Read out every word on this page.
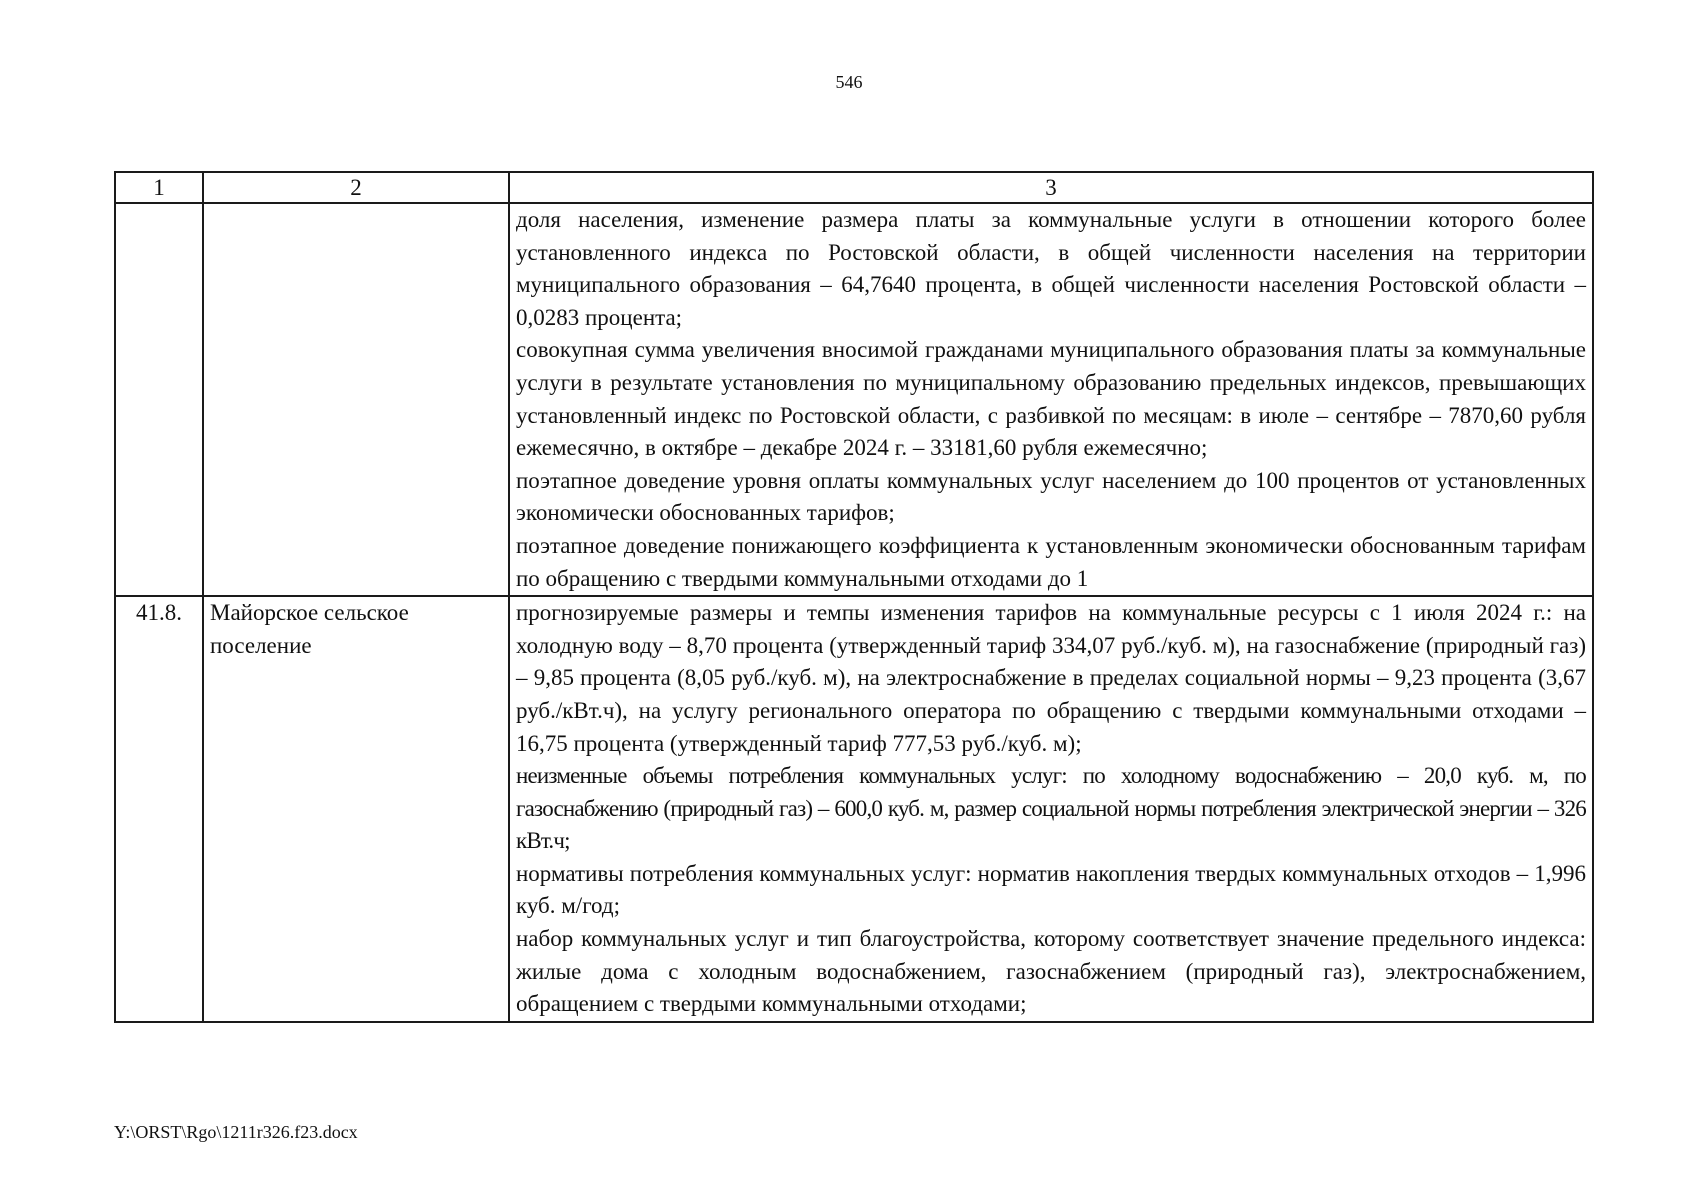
546
1	2	3

		доля населения, изменение размера платы за коммунальные услуги в отношении которого более установленного индекса по Ростовской области, в общей численности населения на территории муниципального образования – 64,7640 процента, в общей численности населения Ростовской области – 0,0283 процента;
совокупная сумма увеличения вносимой гражданами муниципального образования платы за коммунальные услуги в результате установления по муниципальному образованию предельных индексов, превышающих установленный индекс по Ростовской области, с разбивкой по месяцам: в июле – сентябре – 7870,60 рубля ежемесячно, в октябре – декабре 2024 г. – 33181,60 рубля ежемесячно;
поэтапное доведение уровня оплаты коммунальных услуг населением до 100 процентов от установленных экономически обоснованных тарифов;
поэтапное доведение понижающего коэффициента к установленным экономически обоснованным тарифам по обращению с твердыми коммунальными отходами до 1

41.8.	Майорское сельское поселение	прогнозируемые размеры и темпы изменения тарифов на коммунальные ресурсы с 1 июля 2024 г.: на холодную воду – 8,70 процента (утвержденный тариф 334,07 руб./куб. м), на газоснабжение (природный газ) – 9,85 процента (8,05 руб./куб. м), на электроснабжение в пределах социальной нормы – 9,23 процента (3,67 руб./кВт.ч), на услугу регионального оператора по обращению с твердыми коммунальными отходами – 16,75 процента (утвержденный тариф 777,53 руб./куб. м);
неизменные объемы потребления коммунальных услуг: по холодному водоснабжению – 20,0 куб. м, по газоснабжению (природный газ) – 600,0 куб. м, размер социальной нормы потребления электрической энергии – 326 кВт.ч;
нормативы потребления коммунальных услуг: норматив накопления твердых коммунальных отходов – 1,996 куб. м/год;
набор коммунальных услуг и тип благоустройства, которому соответствует значение предельного индекса: жилые дома с холодным водоснабжением, газоснабжением (природный газ), электроснабжением, обращением с твердыми коммунальными отходами;
Y:\ORST\Rgo\1211r326.f23.docx
